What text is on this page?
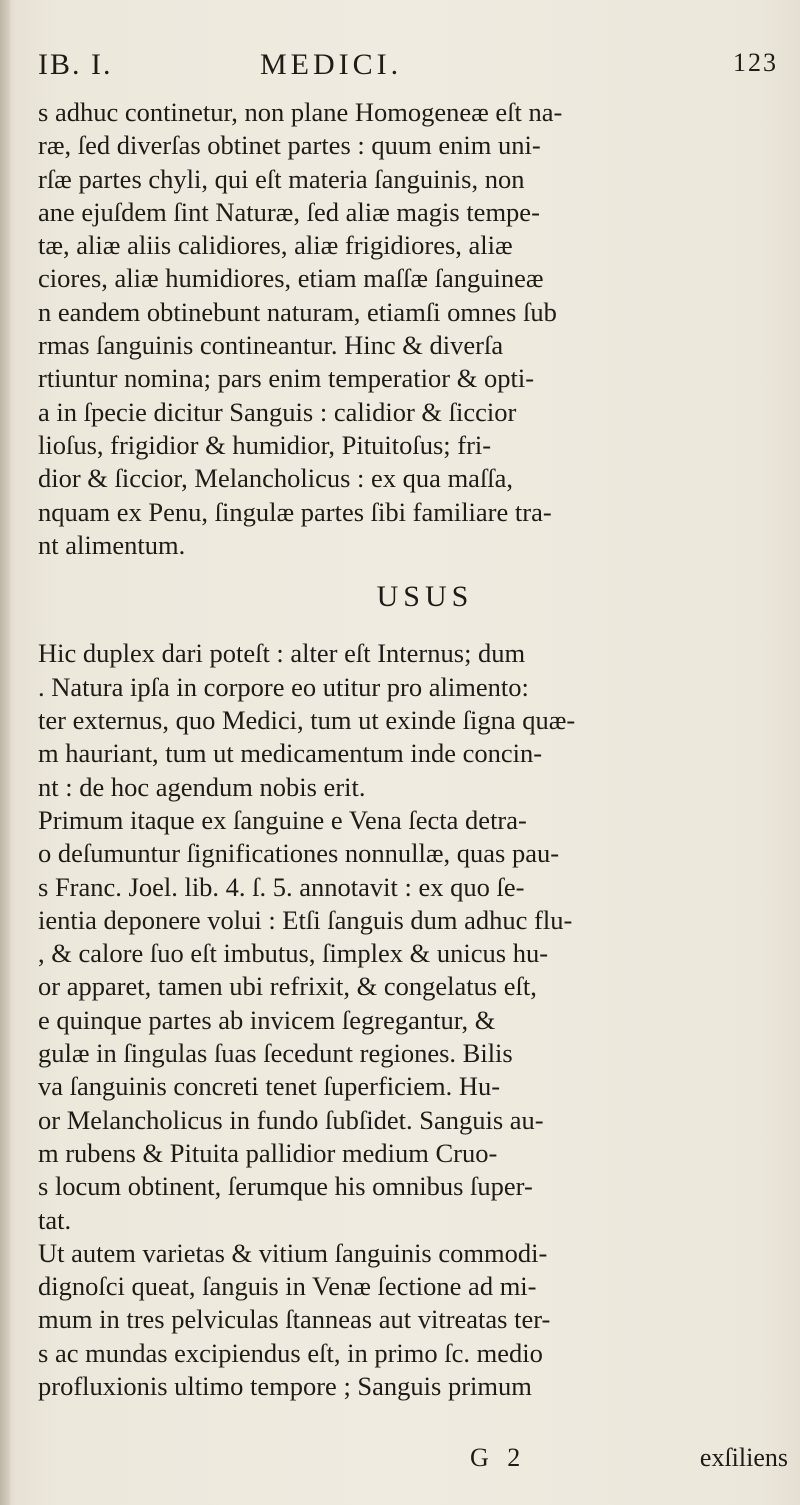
IB. I.	MEDICI.	123
s adhuc continetur, non plane Homogeneæ eſt na-
ræ, ſed diverſas obtinet partes : quum enim uni-
rſæ partes chyli, qui eſt materia ſanguinis, non
ane ejuſdem ſint Naturæ, ſed aliæ magis tempe-
tæ, aliæ aliis calidiores, aliæ frigidiores, aliæ
ciores, aliæ humidiores, etiam maſſæ ſanguineæ
n eandem obtinebunt naturam, etiamſi omnes ſub
rmas ſanguinis contineantur. Hinc & diverſa
rtiuntur nomina; pars enim temperatior & opti-
a in ſpecie dicitur Sanguis : calidior & ſiccior
lioſus, frigidior & humidior, Pituitoſus; fri-
dior & ſiccior, Melancholicus : ex qua maſſa,
nquam ex Penu, ſingulæ partes ſibi familiare tra-
nt alimentum.
USUS
Hic duplex dari poteſt : alter eſt Internus; dum
. Natura ipſa in corpore eo utitur pro alimento:
ter externus, quo Medici, tum ut exinde ſigna quæ-
m hauriant, tum ut medicamentum inde concin-
nt : de hoc agendum nobis erit.
Primum itaque ex ſanguine e Vena ſecta detra-
o deſumuntur ſignificationes nonnullæ, quas pau-
s Franc. Joel. lib. 4. ſ. 5. annotavit : ex quo ſe-
ientia deponere volui : Etſi ſanguis dum adhuc flu-
, & calore ſuo eſt imbutus, ſimplex & unicus hu-
or apparet, tamen ubi refrixit, & congelatus eſt,
e quinque partes ab invicem ſegregantur, &
gulæ in ſingulas ſuas ſecedunt regiones. Bilis
va ſanguinis concreti tenet ſuperficiem. Hu-
or Melancholicus in fundo ſubſidet. Sanguis au-
m rubens & Pituita pallidior medium Cruo-
s locum obtinent, ſerumque his omnibus ſuper-
tat.
Ut autem varietas & vitium ſanguinis commodi-
dignoſci queat, ſanguis in Venæ ſectione ad mi-
mum in tres pelviculas ſtanneas aut vitreatas ter-
s ac mundas excipiendus eſt, in primo ſc. medio
profluxionis ultimo tempore ; Sanguis primum
G 2	exſiliens
